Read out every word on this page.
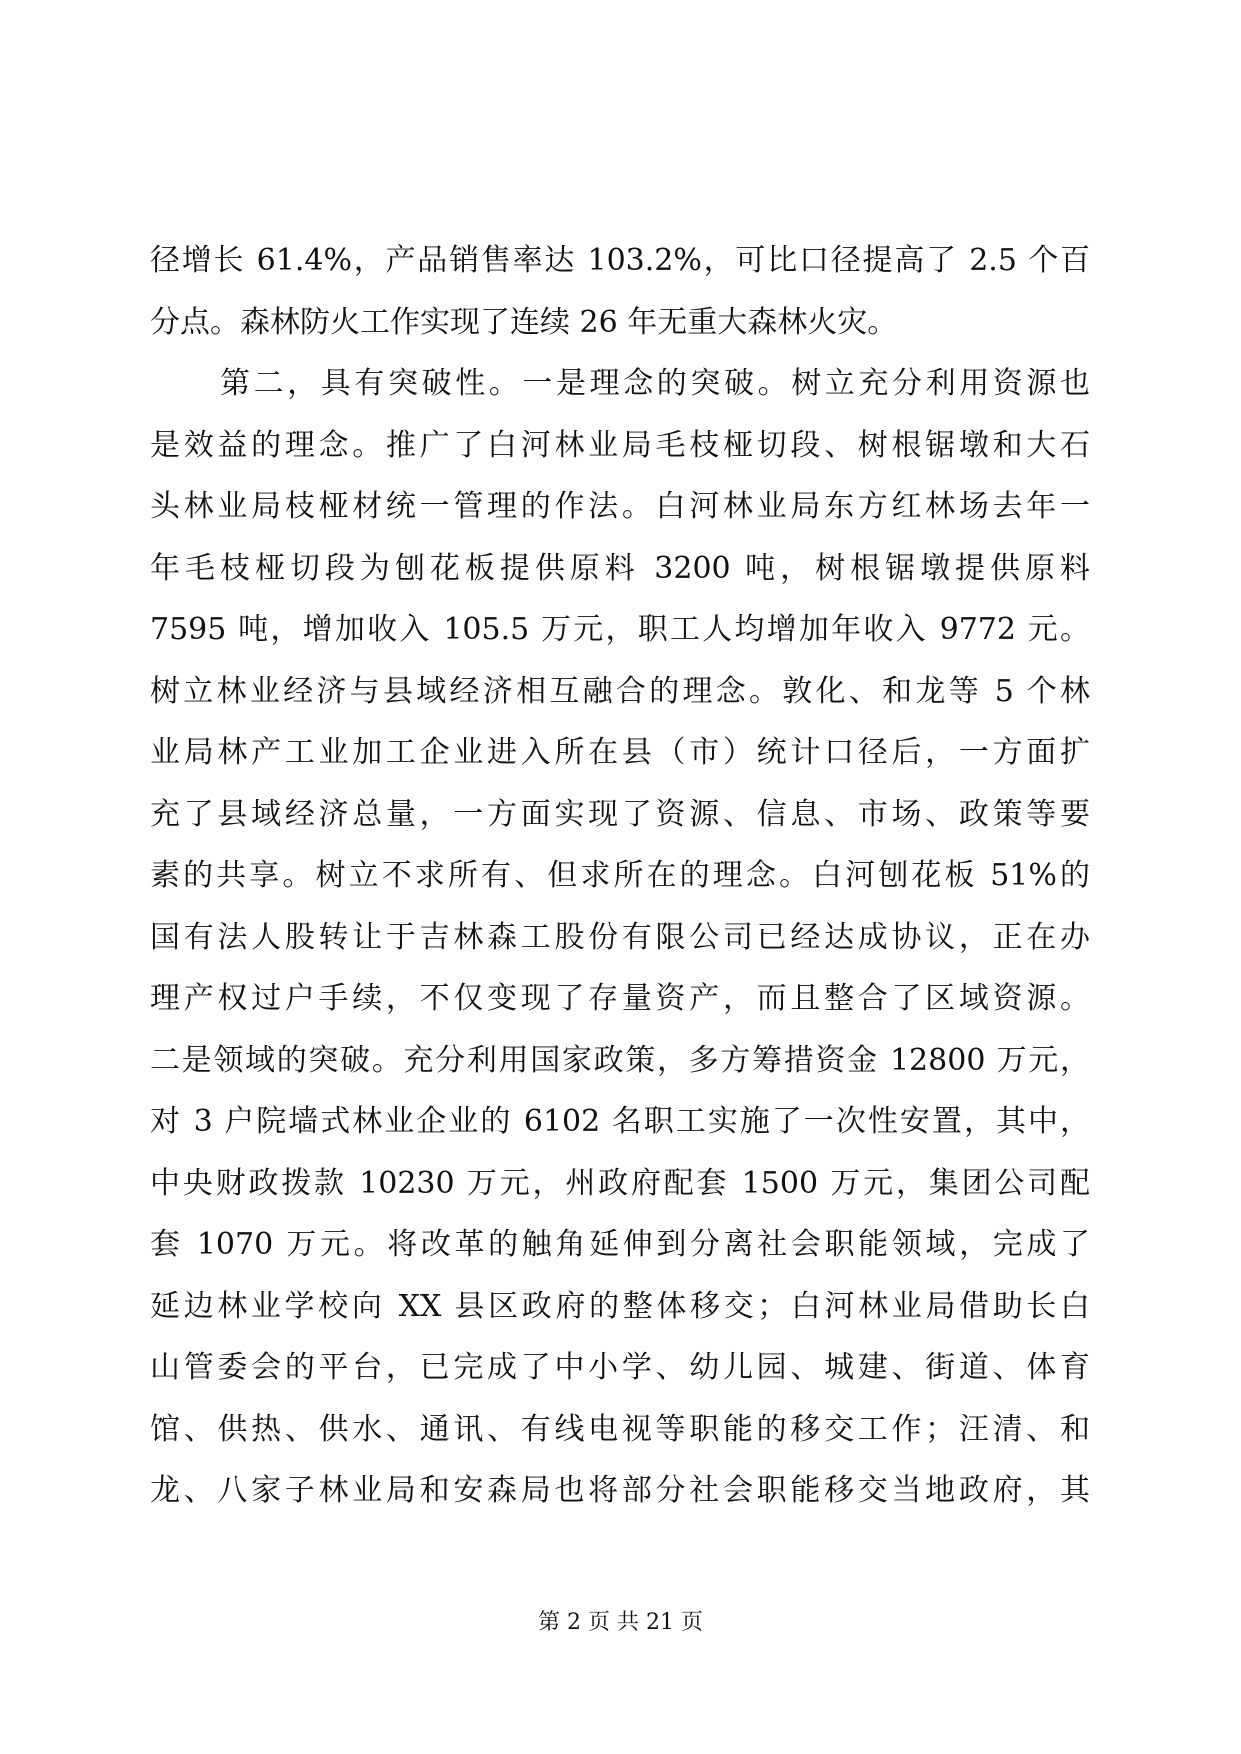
径增长 61.4%，产品销售率达 103.2%，可比口径提高了 2.5 个百
分点。森林防火工作实现了连续 26 年无重大森林火灾。
第二，具有突破性。一是理念的突破。树立充分利用资源也
是效益的理念。推广了白河林业局毛枝桠切段、树根锯墩和大石
头林业局枝桠材统一管理的作法。白河林业局东方红林场去年一
年毛枝桠切段为刨花板提供原料 3200 吨，树根锯墩提供原料
7595 吨，增加收入 105.5 万元，职工人均增加年收入 9772 元。
树立林业经济与县域经济相互融合的理念。敦化、和龙等 5 个林
业局林产工业加工企业进入所在县（市）统计口径后，一方面扩
充了县域经济总量，一方面实现了资源、信息、市场、政策等要
素的共享。树立不求所有、但求所在的理念。白河刨花板 51%的
国有法人股转让于吉林森工股份有限公司已经达成协议，正在办
理产权过户手续，不仅变现了存量资产，而且整合了区域资源。
二是领域的突破。充分利用国家政策，多方筹措资金 12800 万元，
对 3 户院墙式林业企业的 6102 名职工实施了一次性安置，其中，
中央财政拨款 10230 万元，州政府配套 1500 万元，集团公司配
套 1070 万元。将改革的触角延伸到分离社会职能领域，完成了
延边林业学校向 XX 县区政府的整体移交；白河林业局借助长白
山管委会的平台，已完成了中小学、幼儿园、城建、街道、体育
馆、供热、供水、通讯、有线电视等职能的移交工作；汪清、和
龙、八家子林业局和安森局也将部分社会职能移交当地政府，其
第 2 页 共 21 页
